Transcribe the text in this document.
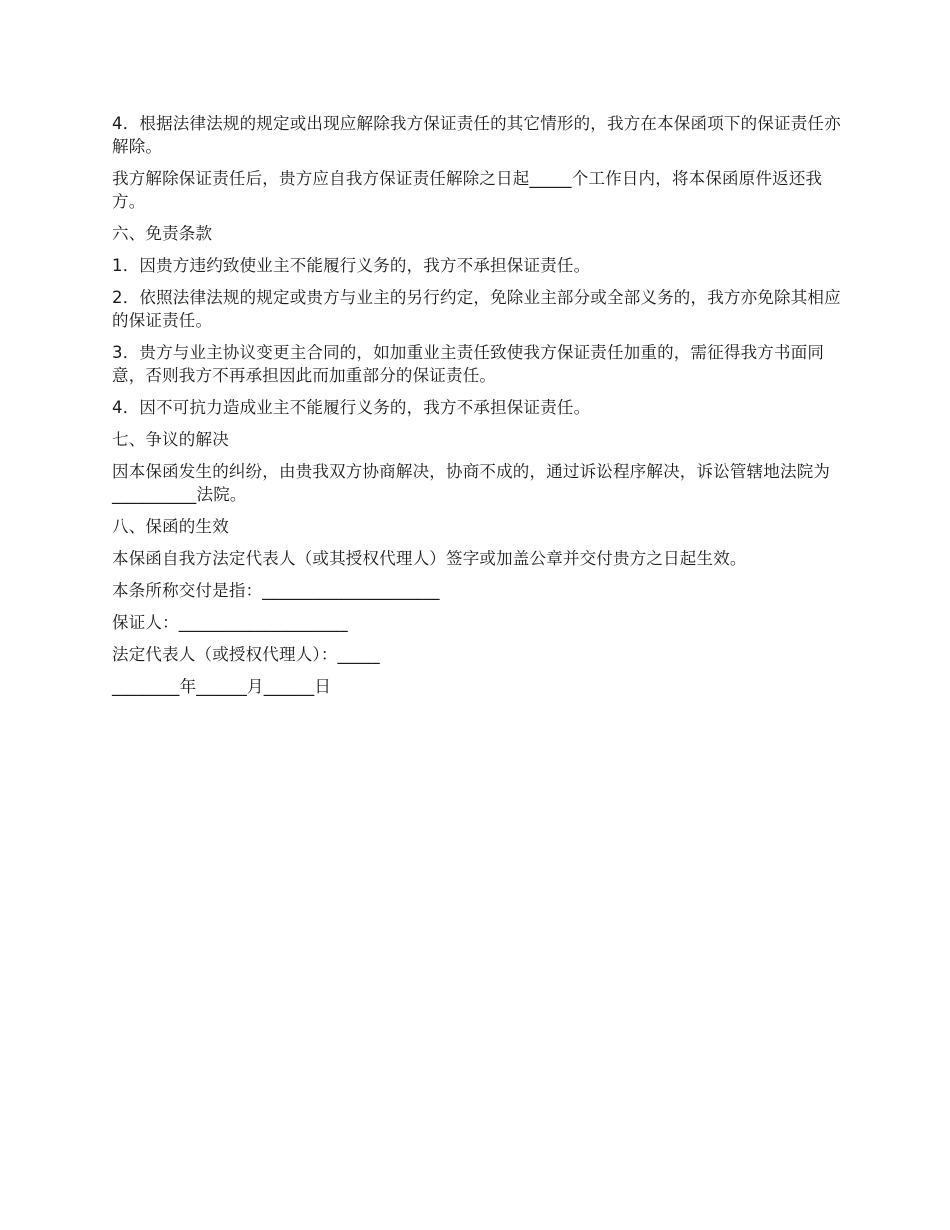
4．根据法律法规的规定或出现应解除我方保证责任的其它情形的，我方在本保函项下的保证责任亦解除。

我方解除保证责任后，贵方应自我方保证责任解除之日起_____个工作日内，将本保函原件返还我方。

六、免责条款

1．因贵方违约致使业主不能履行义务的，我方不承担保证责任。

2．依照法律法规的规定或贵方与业主的另行约定，免除业主部分或全部义务的，我方亦免除其相应的保证责任。

3．贵方与业主协议变更主合同的，如加重业主责任致使我方保证责任加重的，需征得我方书面同意，否则我方不再承担因此而加重部分的保证责任。

4．因不可抗力造成业主不能履行义务的，我方不承担保证责任。

七、争议的解决

因本保函发生的纠纷，由贵我双方协商解决，协商不成的，通过诉讼程序解决，诉讼管辖地法院为__________法院。

八、保函的生效

本保函自我方法定代表人（或其授权代理人）签字或加盖公章并交付贵方之日起生效。

本条所称交付是指：_____________________

保证人：____________________

法定代表人（或授权代理人）：_____

________年______月______日
